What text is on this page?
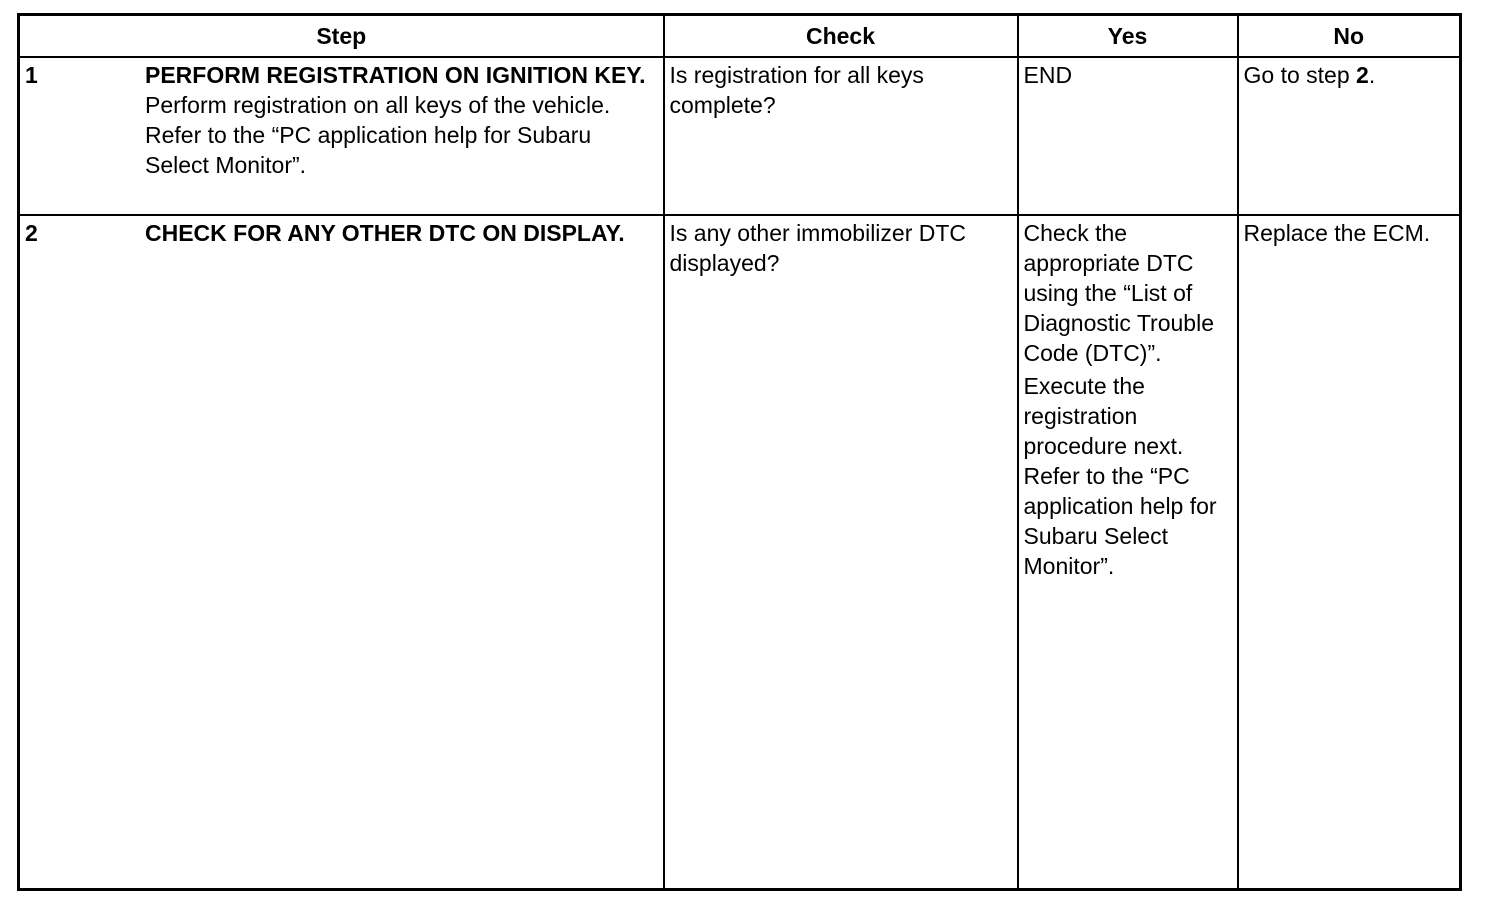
Step	Check	Yes	No

1 PERFORM REGISTRATION ON IGNITION KEY.
Perform registration on all keys of the vehicle. Refer to the “PC application help for Subaru Select Monitor”.	Is registration for all keys complete?	END	Go to step 2.

2 CHECK FOR ANY OTHER DTC ON DISPLAY.	Is any other immobilizer DTC displayed?	Check the appropriate DTC using the “List of Diagnostic Trouble Code (DTC)”.
Execute the registration procedure next. Refer to the “PC application help for Subaru Select Monitor”.	Replace the ECM.
